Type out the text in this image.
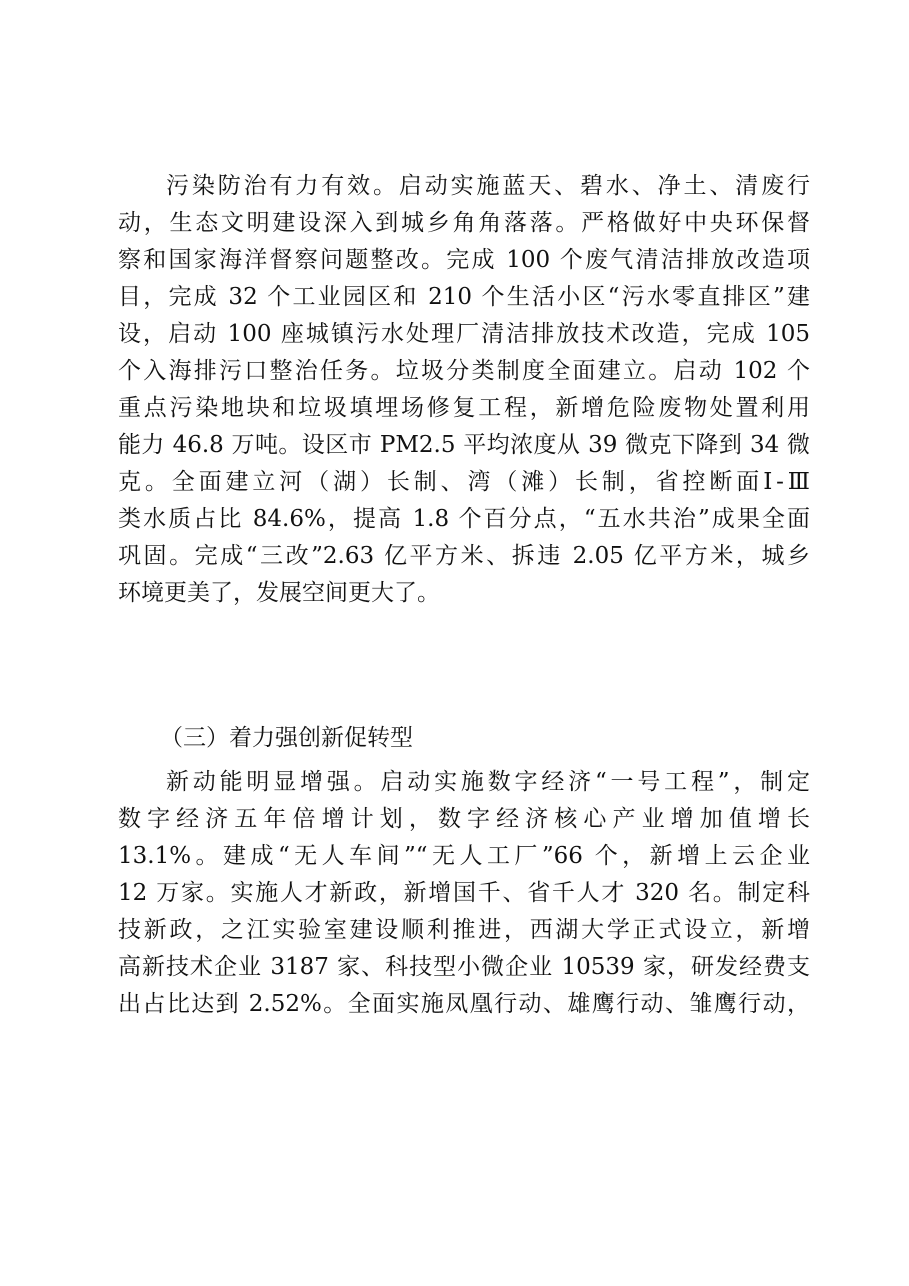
污染防治有力有效。启动实施蓝天、碧水、净土、清废行
动，生态文明建设深入到城乡角角落落。严格做好中央环保督
察和国家海洋督察问题整改。完成 100 个废气清洁排放改造项
目，完成 32 个工业园区和 210 个生活小区“污水零直排区”建
设，启动 100 座城镇污水处理厂清洁排放技术改造，完成 105
个入海排污口整治任务。垃圾分类制度全面建立。启动 102 个
重点污染地块和垃圾填埋场修复工程，新增危险废物处置利用
能力 46.8 万吨。设区市 PM2.5 平均浓度从 39 微克下降到 34 微
克。全面建立河（湖）长制、湾（滩）长制，省控断面Ⅰ-Ⅲ
类水质占比 84.6%，提高 1.8 个百分点，“五水共治”成果全面
巩固。完成“三改”2.63 亿平方米、拆违 2.05 亿平方米，城乡
环境更美了，发展空间更大了。
（三）着力强创新促转型
新动能明显增强。启动实施数字经济“一号工程”，制定
数字经济五年倍增计划，数字经济核心产业增加值增长
13.1%。建成“无人车间”“无人工厂”66 个，新增上云企业
12 万家。实施人才新政，新增国千、省千人才 320 名。制定科
技新政，之江实验室建设顺利推进，西湖大学正式设立，新增
高新技术企业 3187 家、科技型小微企业 10539 家，研发经费支
出占比达到 2.52%。全面实施凤凰行动、雄鹰行动、雏鹰行动，
